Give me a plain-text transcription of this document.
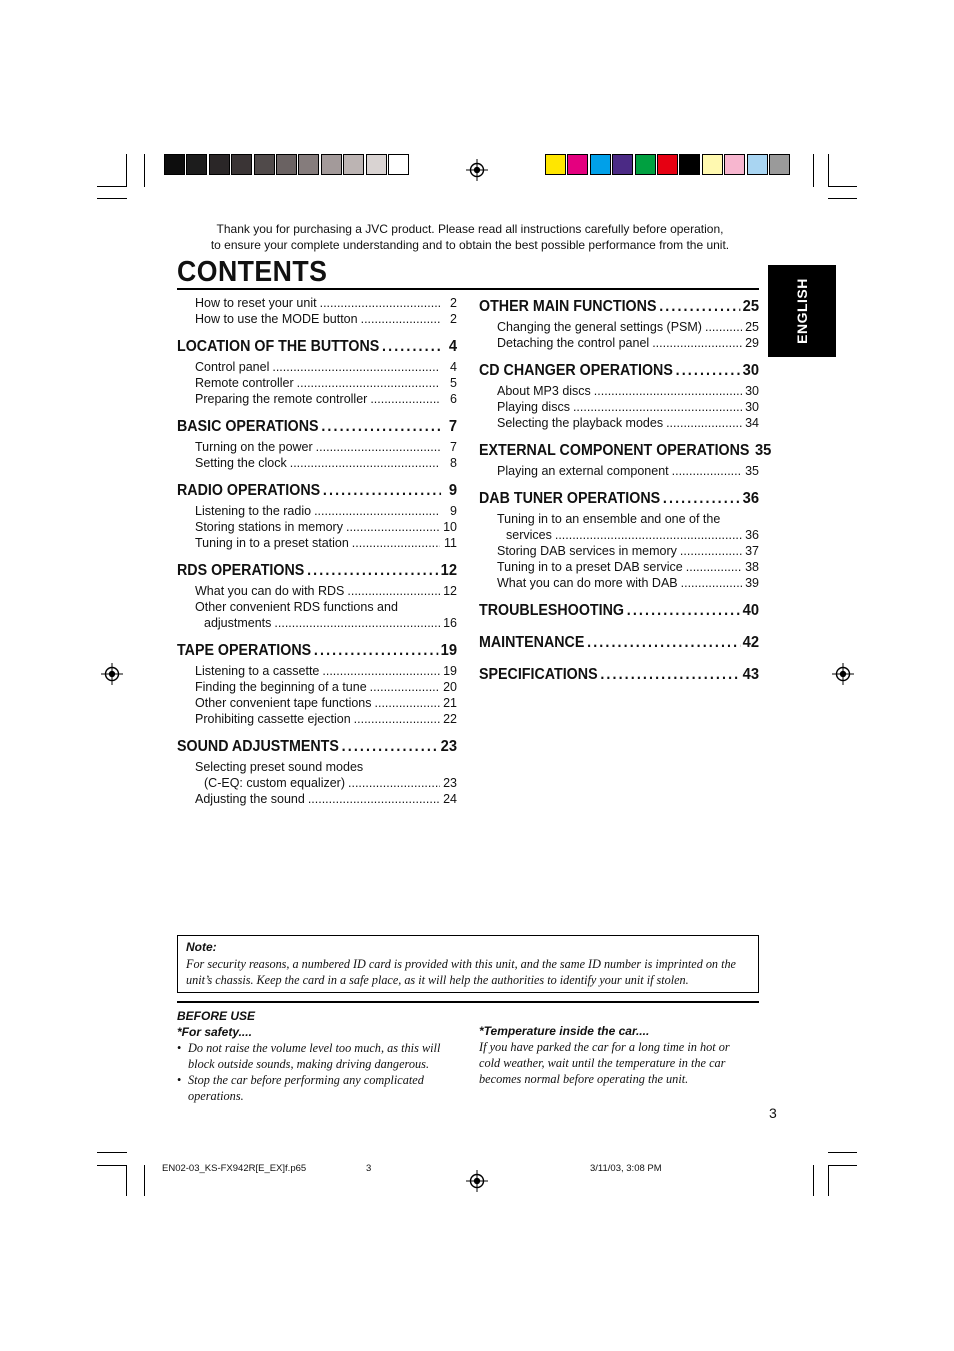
Thank you for purchasing a JVC product. Please read all instructions carefully before operation,
to ensure your complete understanding and to obtain the best possible performance from the unit.
CONTENTS
ENGLISH
How to reset your unit .....	2
How to use the MODE button .....	2
LOCATION OF THE BUTTONS . . .	4
Control panel .....	4
Remote controller .....	5
Preparing the remote controller .....	6
BASIC OPERATIONS . . .	7
Turning on the power .....	7
Setting the clock .....	8
RADIO OPERATIONS . . .	9
Listening to the radio .....	9
Storing stations in memory .....	10
Tuning in to a preset station .....	11
RDS OPERATIONS . . .	12
What you can do with RDS .....	12
Other convenient RDS functions and
adjustments .....	16
TAPE OPERATIONS . . .	19
Listening to a cassette .....	19
Finding the beginning of a tune .....	20
Other convenient tape functions .....	21
Prohibiting cassette ejection .....	22
SOUND ADJUSTMENTS . . .	23
Selecting preset sound modes
(C-EQ: custom equalizer) .....	23
Adjusting the sound .....	24
OTHER MAIN FUNCTIONS . . .	25
Changing the general settings (PSM) .....	25
Detaching the control panel .....	29
CD CHANGER OPERATIONS . . .	30
About MP3 discs .....	30
Playing discs .....	30
Selecting the playback modes .....	34
EXTERNAL COMPONENT OPERATIONS 35
Playing an external component .....	35
DAB TUNER OPERATIONS . . .	36
Tuning in to an ensemble and one of the
services .....	36
Storing DAB services in memory .....	37
Tuning in to a preset DAB service .....	38
What you can do more with DAB .....	39
TROUBLESHOOTING . . .	40
MAINTENANCE . . .	42
SPECIFICATIONS . . .	43
Note:
For security reasons, a numbered ID card is provided with this unit, and the same ID number is imprinted on the unit’s chassis. Keep the card in a safe place, as it will help the authorities to identify your unit if stolen.
BEFORE USE
*For safety....
• Do not raise the volume level too much, as this will block outside sounds, making driving dangerous.
• Stop the car before performing any complicated operations.
*Temperature inside the car....
If you have parked the car for a long time in hot or cold weather, wait until the temperature in the car becomes normal before operating the unit.
3
EN02-03_KS-FX942R[E_EX]f.p65	3	3/11/03, 3:08 PM
